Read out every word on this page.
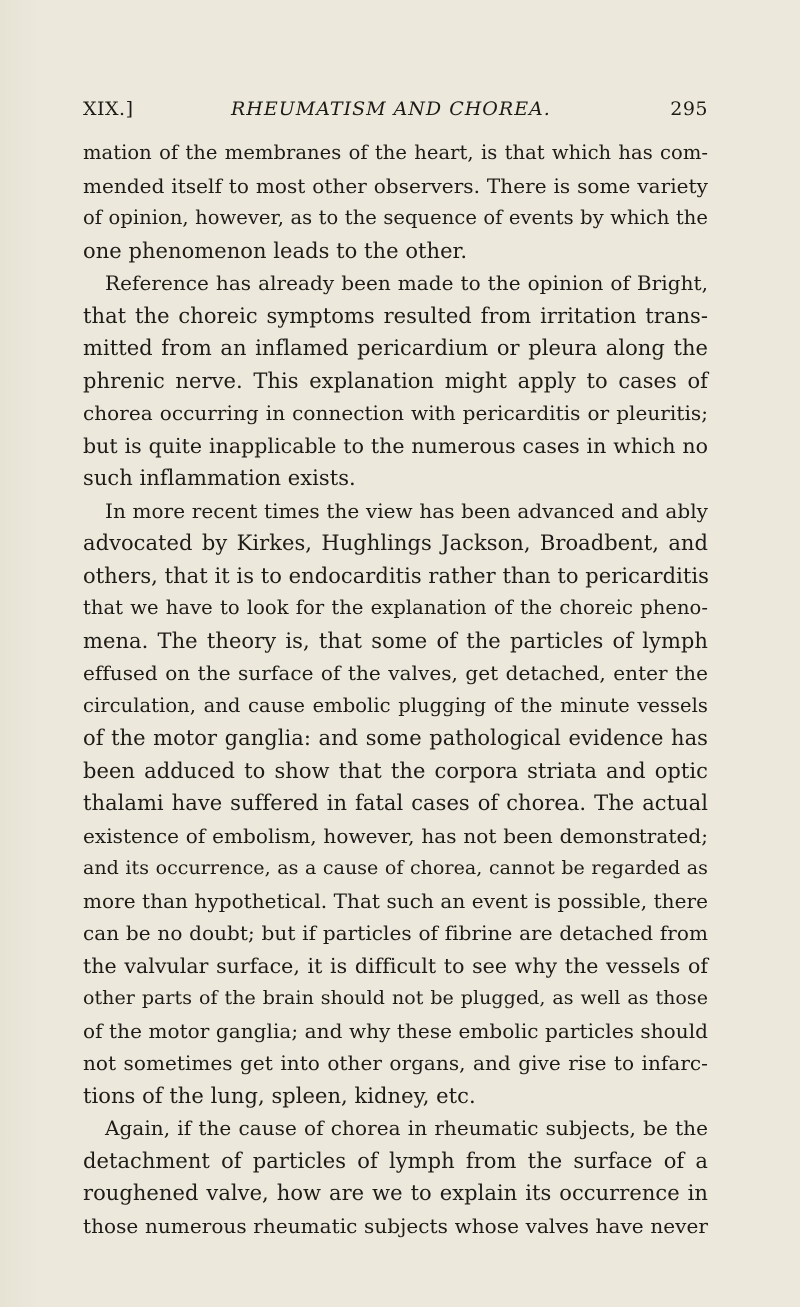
XIX.]	RHEUMATISM AND CHOREA.	295
mation of the membranes of the heart, is that which has com-
mended itself to most other observers. There is some variety
of opinion, however, as to the sequence of events by which the
one phenomenon leads to the other.
Reference has already been made to the opinion of Bright,
that the choreic symptoms resulted from irritation trans-
mitted from an inflamed pericardium or pleura along the
phrenic nerve. This explanation might apply to cases of
chorea occurring in connection with pericarditis or pleuritis;
but is quite inapplicable to the numerous cases in which no
such inflammation exists.
In more recent times the view has been advanced and ably
advocated by Kirkes, Hughlings Jackson, Broadbent, and
others, that it is to endocarditis rather than to pericarditis
that we have to look for the explanation of the choreic pheno-
mena. The theory is, that some of the particles of lymph
effused on the surface of the valves, get detached, enter the
circulation, and cause embolic plugging of the minute vessels
of the motor ganglia: and some pathological evidence has
been adduced to show that the corpora striata and optic
thalami have suffered in fatal cases of chorea. The actual
existence of embolism, however, has not been demonstrated;
and its occurrence, as a cause of chorea, cannot be regarded as
more than hypothetical. That such an event is possible, there
can be no doubt; but if particles of fibrine are detached from
the valvular surface, it is difficult to see why the vessels of
other parts of the brain should not be plugged, as well as those
of the motor ganglia; and why these embolic particles should
not sometimes get into other organs, and give rise to infarc-
tions of the lung, spleen, kidney, etc.
Again, if the cause of chorea in rheumatic subjects, be the
detachment of particles of lymph from the surface of a
roughened valve, how are we to explain its occurrence in
those numerous rheumatic subjects whose valves have never
